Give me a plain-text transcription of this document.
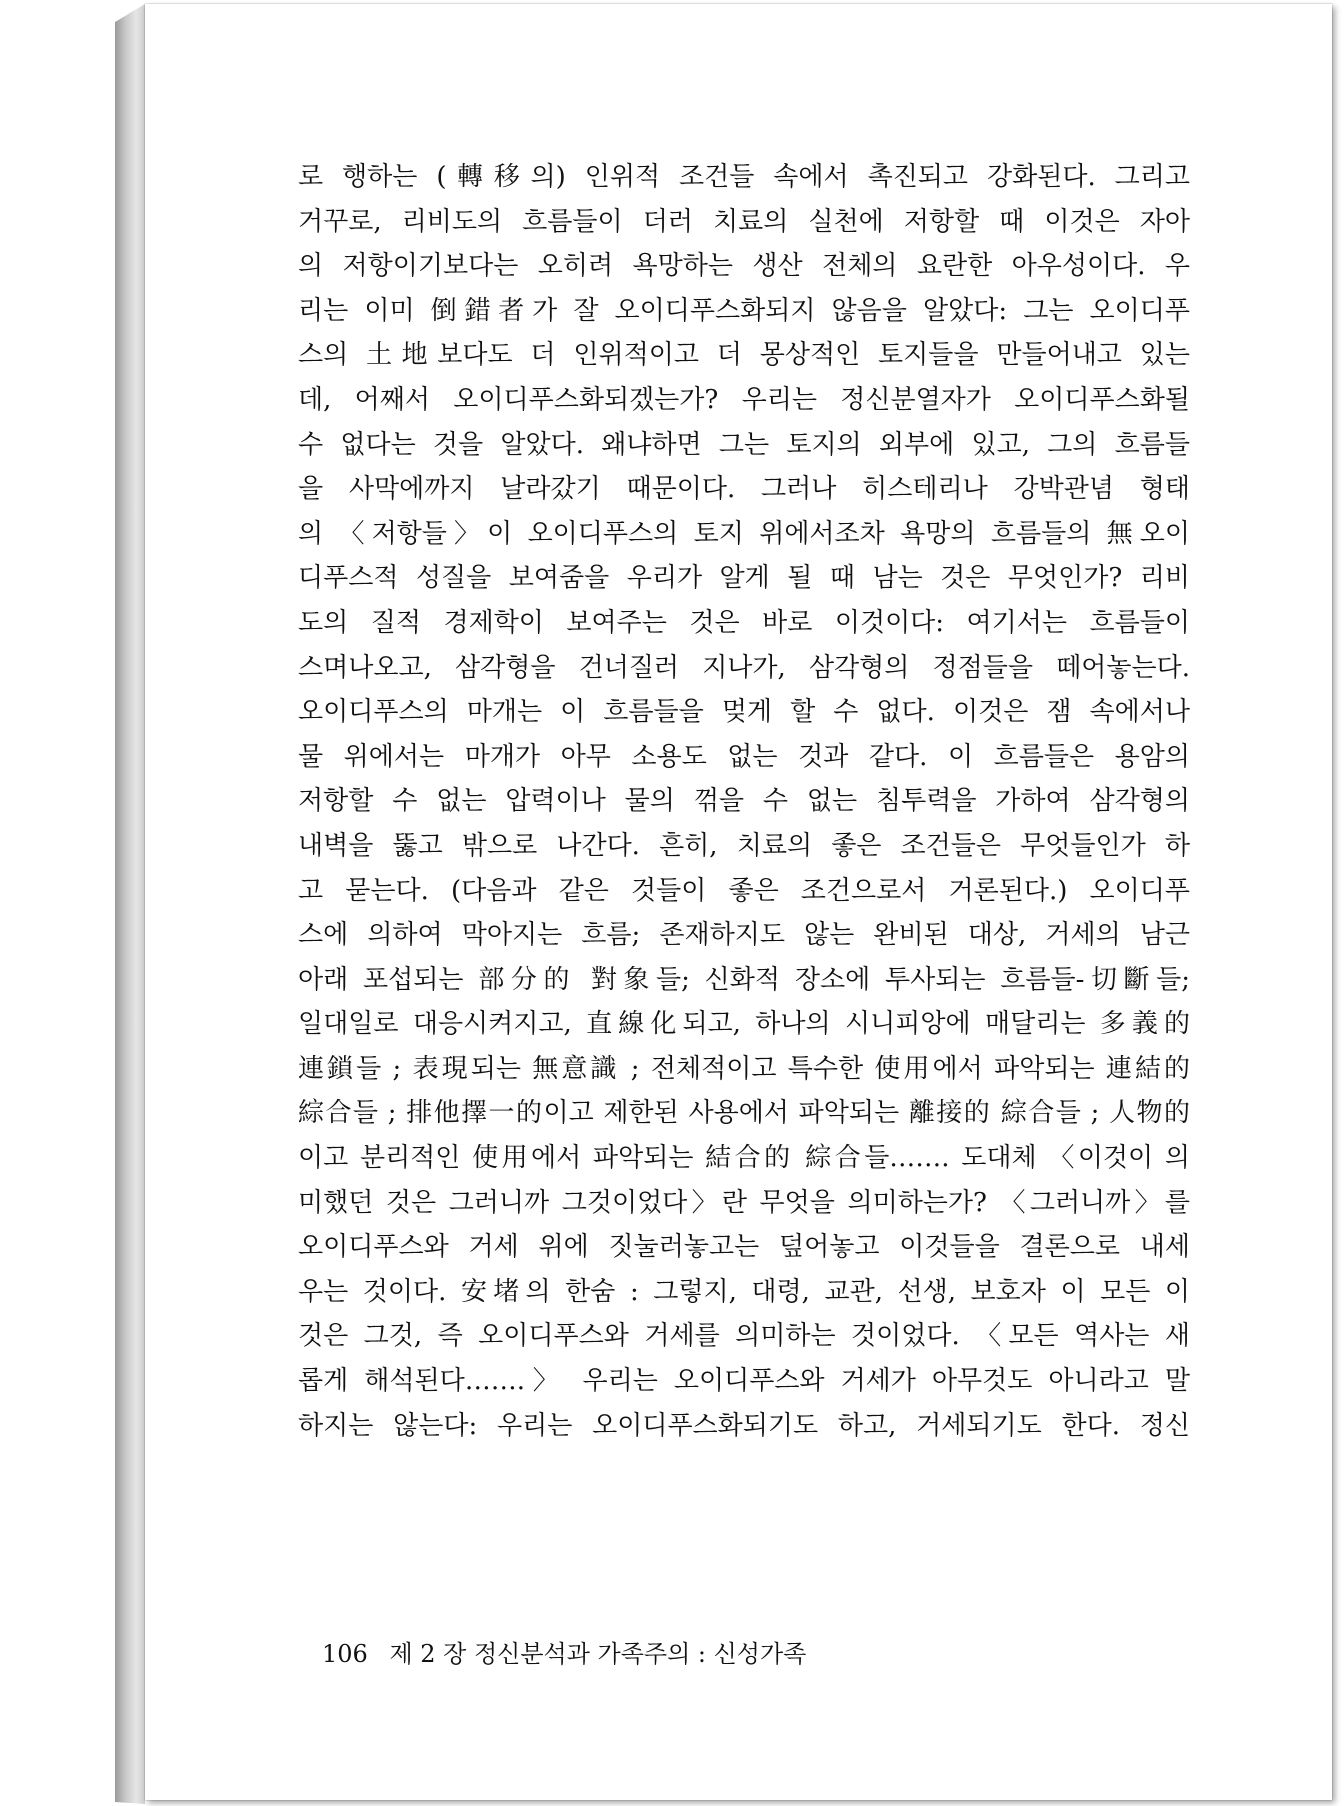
로 행하는 (轉移의) 인위적 조건들 속에서 촉진되고 강화된다. 그리고
거꾸로, 리비도의 흐름들이 더러 치료의 실천에 저항할 때 이것은 자아
의 저항이기보다는 오히려 욕망하는 생산 전체의 요란한 아우성이다. 우
리는 이미 倒錯者가 잘 오이디푸스화되지 않음을 알았다: 그는 오이디푸
스의 土地보다도 더 인위적이고 더 몽상적인 토지들을 만들어내고 있는
데, 어째서 오이디푸스화되겠는가? 우리는 정신분열자가 오이디푸스화될
수 없다는 것을 알았다. 왜냐하면 그는 토지의 외부에 있고, 그의 흐름들
을 사막에까지 날라갔기 때문이다. 그러나 히스테리나 강박관념 형태
의 〈저항들〉이 오이디푸스의 토지 위에서조차 욕망의 흐름들의 無오이
디푸스적 성질을 보여줌을 우리가 알게 될 때 남는 것은 무엇인가? 리비
도의 질적 경제학이 보여주는 것은 바로 이것이다: 여기서는 흐름들이
스며나오고, 삼각형을 건너질러 지나가, 삼각형의 정점들을 떼어놓는다.
오이디푸스의 마개는 이 흐름들을 멎게 할 수 없다. 이것은 잼 속에서나
물 위에서는 마개가 아무 소용도 없는 것과 같다. 이 흐름들은 용암의
저항할 수 없는 압력이나 물의 꺾을 수 없는 침투력을 가하여 삼각형의
내벽을 뚫고 밖으로 나간다. 흔히, 치료의 좋은 조건들은 무엇들인가 하
고 묻는다. (다음과 같은 것들이 좋은 조건으로서 거론된다.) 오이디푸
스에 의하여 막아지는 흐름; 존재하지도 않는 완비된 대상, 거세의 남근
아래 포섭되는 部分的 對象들; 신화적 장소에 투사되는 흐름들-切斷들;
일대일로 대응시켜지고, 直線化되고, 하나의 시니피앙에 매달리는 多義的
連鎖들 ; 表現되는 無意識 ; 전체적이고 특수한 使用에서 파악되는 連結的
綜合들 ; 排他擇一的이고 제한된 사용에서 파악되는 離接的 綜合들 ; 人物的
이고 분리적인 使用에서 파악되는 結合的 綜合들……. 도대체 〈이것이 의
미했던 것은 그러니까 그것이었다〉란 무엇을 의미하는가? 〈그러니까〉를
오이디푸스와 거세 위에 짓눌러놓고는 덮어놓고 이것들을 결론으로 내세
우는 것이다. 安堵의 한숨 : 그렇지, 대령, 교관, 선생, 보호자 이 모든 이
것은 그것, 즉 오이디푸스와 거세를 의미하는 것이었다. 〈모든 역사는 새
롭게 해석된다…….〉 우리는 오이디푸스와 거세가 아무것도 아니라고 말
하지는 않는다: 우리는 오이디푸스화되기도 하고, 거세되기도 한다. 정신
106 제 2 장 정신분석과 가족주의 : 신성가족
